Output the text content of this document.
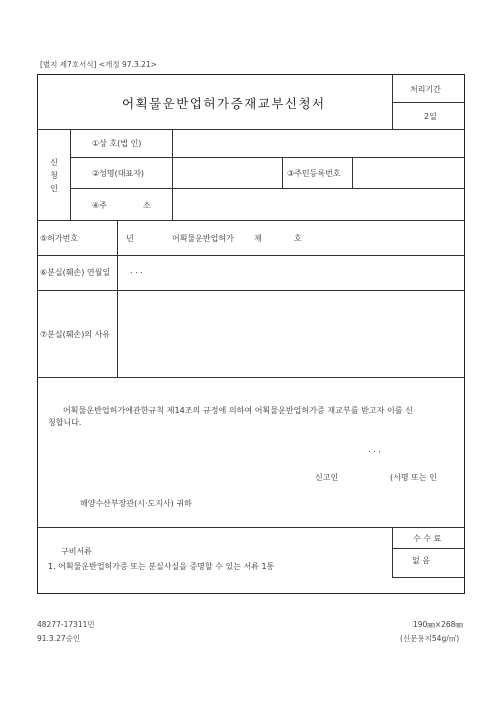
[별지 제7호서식] <개정 97.3.21>
어획물운반업허가증재교부신청서
처리기간
2일
신
청
인
①상 호(법 인)
②성명(대표자)	③주민등록번호
④주	소
⑤허가번호	년	어획물운반업허가	제	호
⑥분실(훼손) 연월일 . . .
⑦분실(훼손)의 사유
어획물운반업허가에관한규칙 제14조의 규정에 의하여 어획물운반업허가증 재교부를 받고자 이를 신
청합니다.
. . .
신고인	(서명 또는 인
해양수산부장관(시·도지사) 귀하
구비서류
1. 어획물운반업허가증 또는 분실사실을 증명할 수 있는 서류 1통
수 수 료
없 음
48277-17311민
91.3.27승인
190㎜×268㎜
(신문용지54g/㎡)
